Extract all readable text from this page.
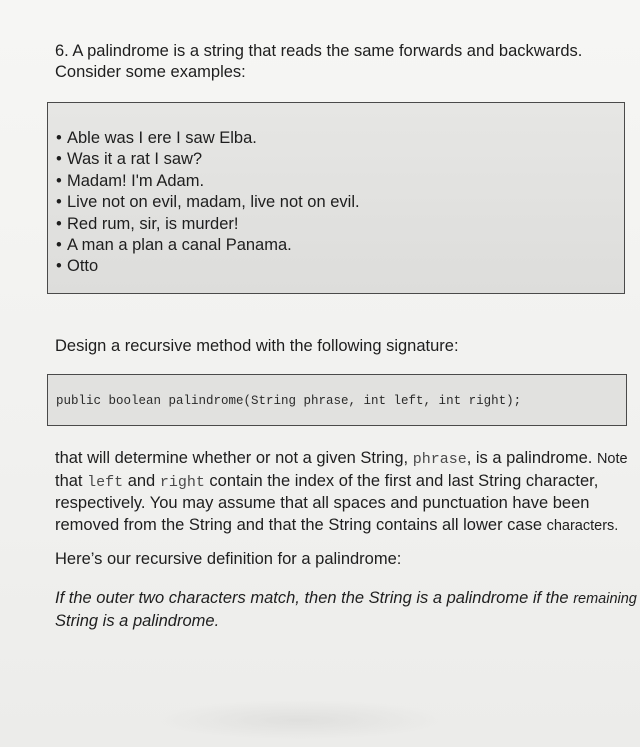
6. A palindrome is a string that reads the same forwards and backwards.

Consider some examples:

• Able was I ere I saw Elba.
• Was it a rat I saw?
• Madam! I'm Adam.
• Live not on evil, madam, live not on evil.
• Red rum, sir, is murder!
• A man a plan a canal Panama.
• Otto

Design a recursive method with the following signature:

public boolean palindrome(String phrase, int left, int right);

that will determine whether or not a given String, phrase, is a palindrome. Note
that left and right contain the index of the first and last String character,
respectively. You may assume that all spaces and punctuation have been
removed from the String and that the String contains all lower case characters.

Here’s our recursive definition for a palindrome:

If the outer two characters match, then the String is a palindrome if the remaining
String is a palindrome.
